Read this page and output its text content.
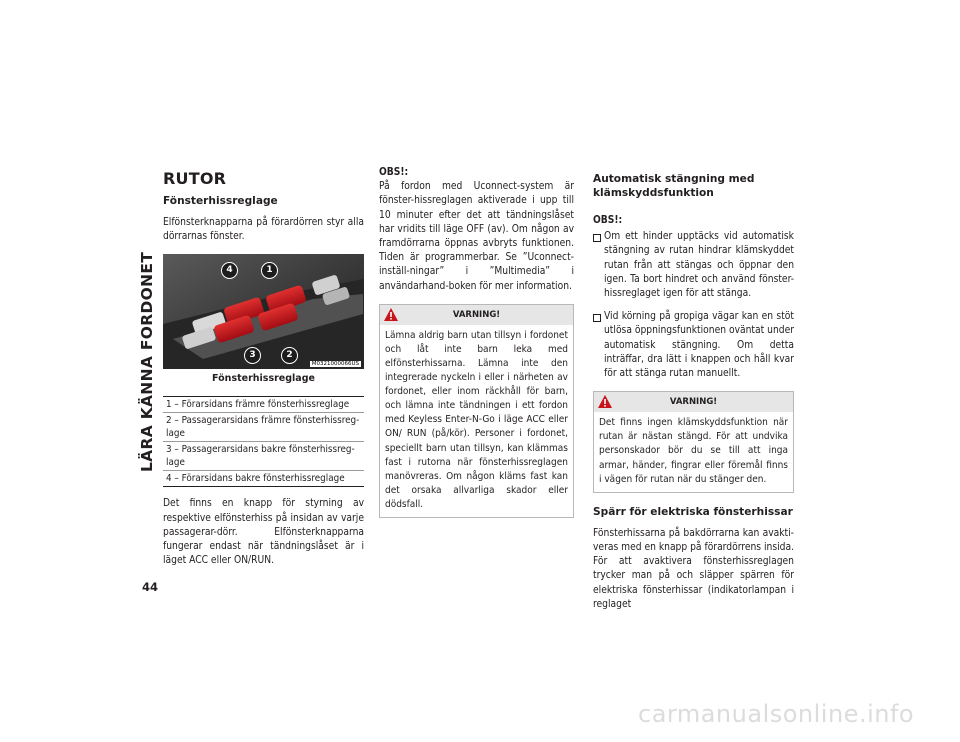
LÄRA KÄNNA FORDONET
44
RUTOR
Fönsterhissreglage

Elfönsterknapparna på förardörren styr alla dörrarnas fönster.

4	1
3	2
M0321000066US
Fönsterhissreglage
1 – Förarsidans främre fönsterhissreglage
2 – Passagerarsidans främre fönsterhissreg-lage
3 – Passagerarsidans bakre fönsterhissreg-lage
4 – Förarsidans bakre fönsterhissreglage

Det finns en knapp för styrning av respektive elfönsterhiss på insidan av varje passagerar-dörr. Elfönsterknapparna fungerar endast när tändningslåset är i läget ACC eller ON/RUN.

OBS!:

På fordon med Uconnect-system är fönster-hissreglagen aktiverade i upp till 10 minuter efter det att tändningslåset har vridits till läge OFF (av). Om någon av framdörrarna öppnas avbryts funktionen. Tiden är programmerbar. Se ”Uconnect-inställ-ningar” i ”Multimedia” i användarhand-boken för mer information.

VARNING!
Lämna aldrig barn utan tillsyn i fordonet och låt inte barn leka med elfönsterhissarna. Lämna inte den integrerade nyckeln i eller i närheten av fordonet, eller inom räckhåll för barn, och lämna inte tändningen i ett fordon med Keyless Enter-N-Go i läge ACC eller ON/ RUN (på/kör). Personer i fordonet, speciellt barn utan tillsyn, kan klämmas fast i rutorna när fönsterhissreglagen manövreras. Om någon kläms fast kan det orsaka allvarliga skador eller dödsfall.
Automatisk stängning med klämskyddsfunktion
OBS!:
Om ett hinder upptäcks vid automatisk stängning av rutan hindrar klämskyddet rutan från att stängas och öppnar den igen. Ta bort hindret och använd fönster-hissreglaget igen för att stänga.
Vid körning på gropiga vägar kan en stöt utlösa öppningsfunktionen oväntat under automatisk stängning. Om detta inträffar, dra lätt i knappen och håll kvar för att stänga rutan manuellt.
VARNING!
Det finns ingen klämskyddsfunktion när rutan är nästan stängd. För att undvika personskador bör du se till att inga armar, händer, fingrar eller föremål finns i vägen för rutan när du stänger den.
Spärr för elektriska fönsterhissar

Fönsterhissarna på bakdörrarna kan avakti-veras med en knapp på förardörrens insida. För att avaktivera fönsterhissreglagen trycker man på och släpper spärren för elektriska fönsterhissar (indikatorlampan i reglaget

carmanualsonline.info
